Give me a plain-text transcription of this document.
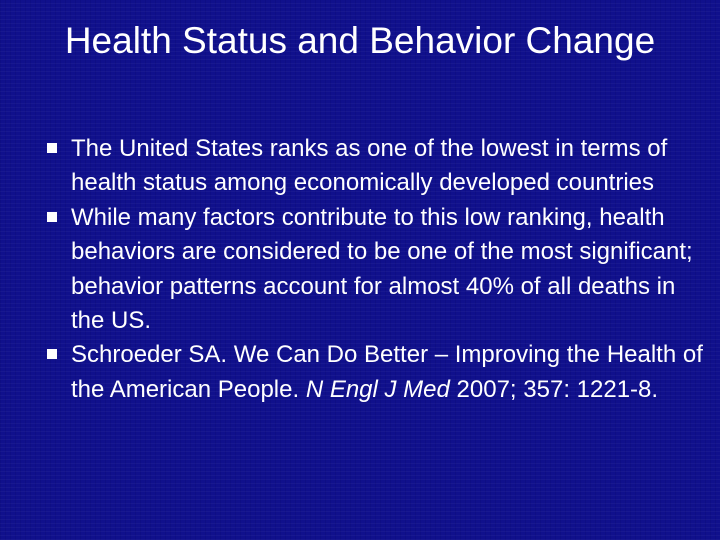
Health Status and Behavior Change
The United States ranks as one of the lowest in terms of health status among economically developed countries
While many factors contribute to this low ranking, health behaviors are considered to be one of the most significant; behavior patterns account for almost 40% of all deaths in the US.
Schroeder SA. We Can Do Better – Improving the Health of the American People. N Engl J Med 2007; 357: 1221-8.
